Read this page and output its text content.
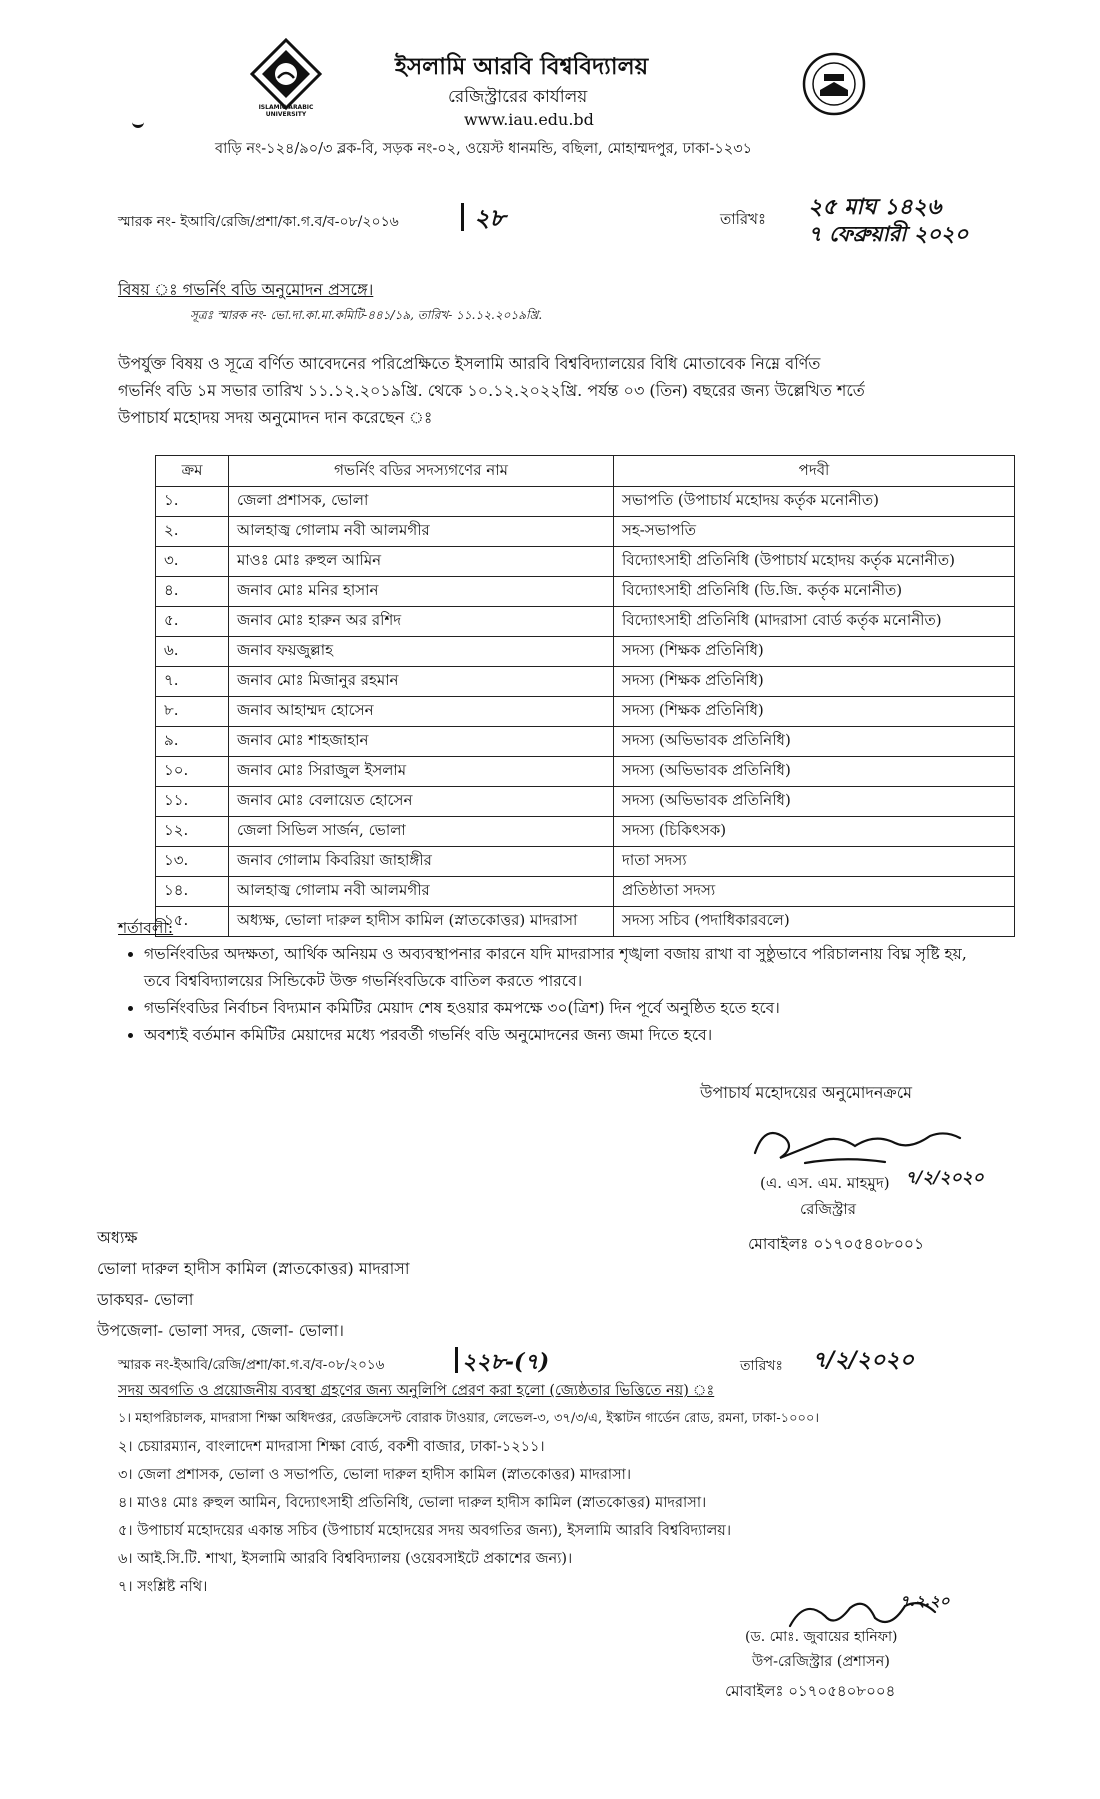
ISLAMIC ARABIC UNIVERSITY
ইসলামি আরবি বিশ্ববিদ্যালয়
রেজিস্ট্রারের কার্যালয়
www.iau.edu.bd
বাড়ি নং-১২৪/৯০/৩ ব্লক-বি, সড়ক নং-০২, ওয়েস্ট ধানমন্ডি, বছিলা, মোহাম্মদপুর, ঢাকা-১২৩১
স্মারক নং- ইআবি/রেজি/প্রশা/কা.গ.ব/ব-০৮/২০১৬	২৮	তারিখঃ ২৫ মাঘ ১৪২৬
৭ ফেব্রুয়ারী ২০২০
বিষয় ঃ গভর্নিং বডি অনুমোদন প্রসঙ্গে।
সূত্রঃ স্মারক নং- ভো.দা.কা.মা.কমিটি-৪৪১/১৯, তারিখ- ১১.১২.২০১৯খ্রি.
উপর্যুক্ত বিষয় ও সূত্রে বর্ণিত আবেদনের পরিপ্রেক্ষিতে ইসলামি আরবি বিশ্ববিদ্যালয়ের বিধি মোতাবেক নিম্নে বর্ণিত
গভর্নিং বডি ১ম সভার তারিখ ১১.১২.২০১৯খ্রি. থেকে ১০.১২.২০২২খ্রি. পর্যন্ত ০৩ (তিন) বছরের জন্য উল্লেখিত শর্তে
উপাচার্য মহোদয় সদয় অনুমোদন দান করেছেন ঃ
ক্রম	গভর্নিং বডির সদস্যগণের নাম	পদবী
১.	জেলা প্রশাসক, ভোলা	সভাপতি (উপাচার্য মহোদয় কর্তৃক মনোনীত)
২.	আলহাজ্ব গোলাম নবী আলমগীর	সহ-সভাপতি
৩.	মাওঃ মোঃ রুহুল আমিন	বিদ্যোৎসাহী প্রতিনিধি (উপাচার্য মহোদয় কর্তৃক মনোনীত)
৪.	জনাব মোঃ মনির হাসান	বিদ্যোৎসাহী প্রতিনিধি (ডি.জি. কর্তৃক মনোনীত)
৫.	জনাব মোঃ হারুন অর রশিদ	বিদ্যোৎসাহী প্রতিনিধি (মাদরাসা বোর্ড কর্তৃক মনোনীত)
৬.	জনাব ফয়জুল্লাহ	সদস্য (শিক্ষক প্রতিনিধি)
৭.	জনাব মোঃ মিজানুর রহমান	সদস্য (শিক্ষক প্রতিনিধি)
৮.	জনাব আহাম্মদ হোসেন	সদস্য (শিক্ষক প্রতিনিধি)
৯.	জনাব মোঃ শাহজাহান	সদস্য (অভিভাবক প্রতিনিধি)
১০.	জনাব মোঃ সিরাজুল ইসলাম	সদস্য (অভিভাবক প্রতিনিধি)
১১.	জনাব মোঃ বেলায়েত হোসেন	সদস্য (অভিভাবক প্রতিনিধি)
১২.	জেলা সিভিল সার্জন, ভোলা	সদস্য (চিকিৎসক)
১৩.	জনাব গোলাম কিবরিয়া জাহাঙ্গীর	দাতা সদস্য
১৪.	আলহাজ্ব গোলাম নবী আলমগীর	প্রতিষ্ঠাতা সদস্য
১৫.	অধ্যক্ষ, ভোলা দারুল হাদীস কামিল (স্নাতকোত্তর) মাদরাসা	সদস্য সচিব (পদাধিকারবলে)
শর্তাবলী:
• গভর্নিংবডির অদক্ষতা, আর্থিক অনিয়ম ও অব্যবস্থাপনার কারনে যদি মাদরাসার শৃঙ্খলা বজায় রাখা বা সুষ্ঠুভাবে পরিচালনায় বিঘ্ন সৃষ্টি হয়, তবে বিশ্ববিদ্যালয়ের সিন্ডিকেট উক্ত গভর্নিংবডিকে বাতিল করতে পারবে।
• গভর্নিংবডির নির্বাচন বিদ্যমান কমিটির মেয়াদ শেষ হওয়ার কমপক্ষে ৩০(ত্রিশ) দিন পূর্বে অনুষ্ঠিত হতে হবে।
• অবশ্যই বর্তমান কমিটির মেয়াদের মধ্যে পরবর্তী গভর্নিং বডি অনুমোদনের জন্য জমা দিতে হবে।
উপাচার্য মহোদয়ের অনুমোদনক্রমে
(এ. এস. এম. মাহমুদ) ৭/২/২০২০
রেজিস্ট্রার
মোবাইলঃ ০১৭০৫৪০৮০০১
অধ্যক্ষ
ভোলা দারুল হাদীস কামিল (স্নাতকোত্তর) মাদরাসা
ডাকঘর- ভোলা
উপজেলা- ভোলা সদর, জেলা- ভোলা।
স্মারক নং-ইআবি/রেজি/প্রশা/কা.গ.ব/ব-০৮/২০১৬	২২৮-(৭)	তারিখঃ ৭/২/২০২০
সদয় অবগতি ও প্রয়োজনীয় ব্যবস্থা গ্রহণের জন্য অনুলিপি প্রেরণ করা হলো (জ্যেষ্ঠতার ভিত্তিতে নয়) ঃ
১। মহাপরিচালক, মাদরাসা শিক্ষা অধিদপ্তর, রেডক্রিসেন্ট বোরাক টাওয়ার, লেভেল-৩, ৩৭/৩/এ, ইস্কাটন গার্ডেন রোড, রমনা, ঢাকা-১০০০।
২। চেয়ারম্যান, বাংলাদেশ মাদরাসা শিক্ষা বোর্ড, বকশী বাজার, ঢাকা-১২১১।
৩। জেলা প্রশাসক, ভোলা ও সভাপতি, ভোলা দারুল হাদীস কামিল (স্নাতকোত্তর) মাদরাসা।
৪। মাওঃ মোঃ রুহুল আমিন, বিদ্যোৎসাহী প্রতিনিধি, ভোলা দারুল হাদীস কামিল (স্নাতকোত্তর) মাদরাসা।
৫। উপাচার্য মহোদয়ের একান্ত সচিব (উপাচার্য মহোদয়ের সদয় অবগতির জন্য), ইসলামি আরবি বিশ্ববিদ্যালয়।
৬। আই.সি.টি. শাখা, ইসলামি আরবি বিশ্ববিদ্যালয় (ওয়েবসাইটে প্রকাশের জন্য)।
৭। সংশ্লিষ্ট নথি।
৭.২.২০
(ড. মোঃ. জুবায়ের হানিফা)
উপ-রেজিস্ট্রার (প্রশাসন)
মোবাইলঃ ০১৭০৫৪০৮০০৪
